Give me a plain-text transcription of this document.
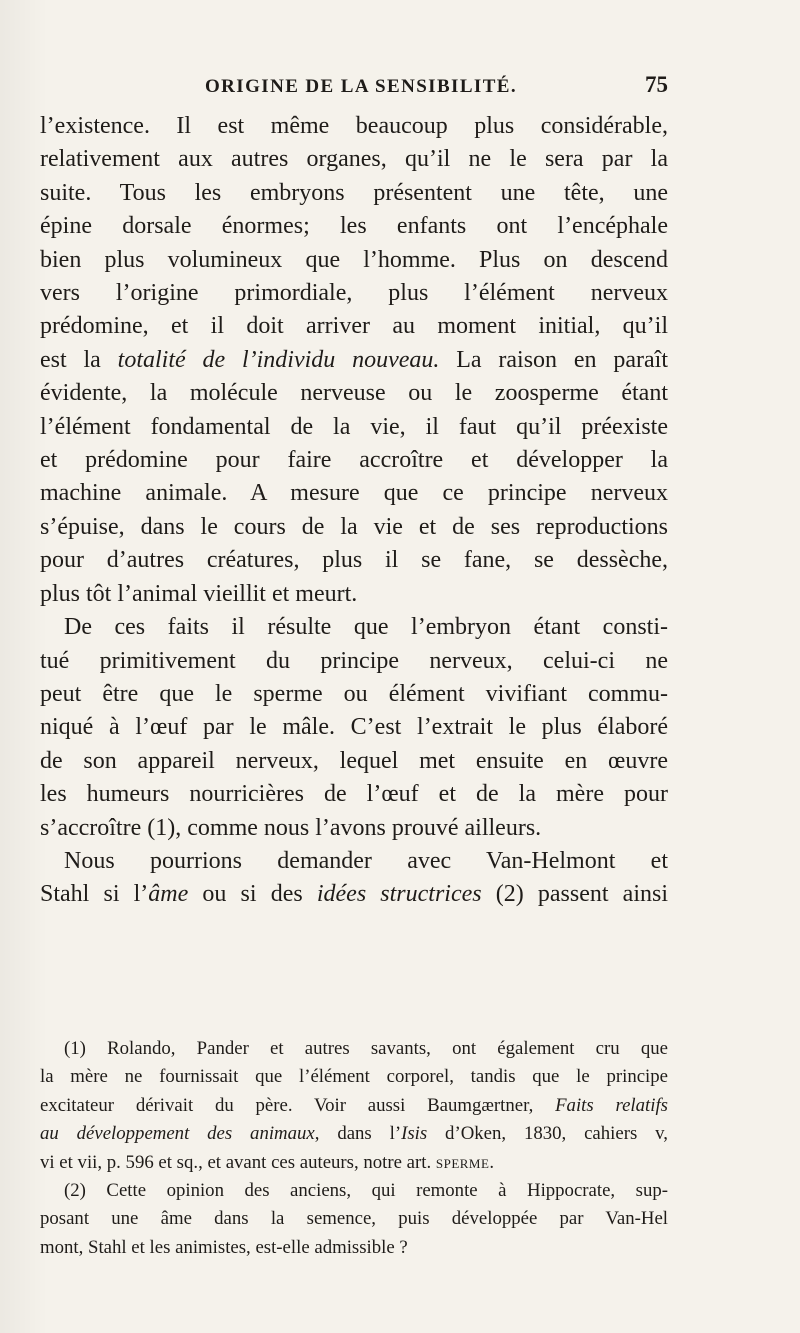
ORIGINE DE LA SENSIBILITÉ.	75
l’existence. Il est même beaucoup plus considérable,
relativement aux autres organes, qu’il ne le sera par la
suite. Tous les embryons présentent une tête, une
épine dorsale énormes; les enfants ont l’encéphale
bien plus volumineux que l’homme. Plus on descend
vers l’origine primordiale, plus l’élément nerveux
prédomine, et il doit arriver au moment initial, qu’il
est la totalité de l’individu nouveau. La raison en paraît
évidente, la molécule nerveuse ou le zoosperme étant
l’élément fondamental de la vie, il faut qu’il préexiste
et prédomine pour faire accroître et développer la
machine animale. A mesure que ce principe nerveux
s’épuise, dans le cours de la vie et de ses reproductions
pour d’autres créatures, plus il se fane, se dessèche,
plus tôt l’animal vieillit et meurt.
De ces faits il résulte que l’embryon étant consti-
tué primitivement du principe nerveux, celui-ci ne
peut être que le sperme ou élément vivifiant commu-
niqué à l’œuf par le mâle. C’est l’extrait le plus élaboré
de son appareil nerveux, lequel met ensuite en œuvre
les humeurs nourricières de l’œuf et de la mère pour
s’accroître (1), comme nous l’avons prouvé ailleurs.
Nous pourrions demander avec Van-Helmont et
Stahl si l’âme ou si des idées structrices (2) passent ainsi
(1) Rolando, Pander et autres savants, ont également cru que
la mère ne fournissait que l’élément corporel, tandis que le principe
excitateur dérivait du père. Voir aussi Baumgærtner, Faits relatifs
au développement des animaux, dans l’Isis d’Oken, 1830, cahiers v,
vi et vii, p. 596 et sq., et avant ces auteurs, notre art. sperme.
(2) Cette opinion des anciens, qui remonte à Hippocrate, sup-
posant une âme dans la semence, puis développée par Van-Hel
mont, Stahl et les animistes, est-elle admissible ?
